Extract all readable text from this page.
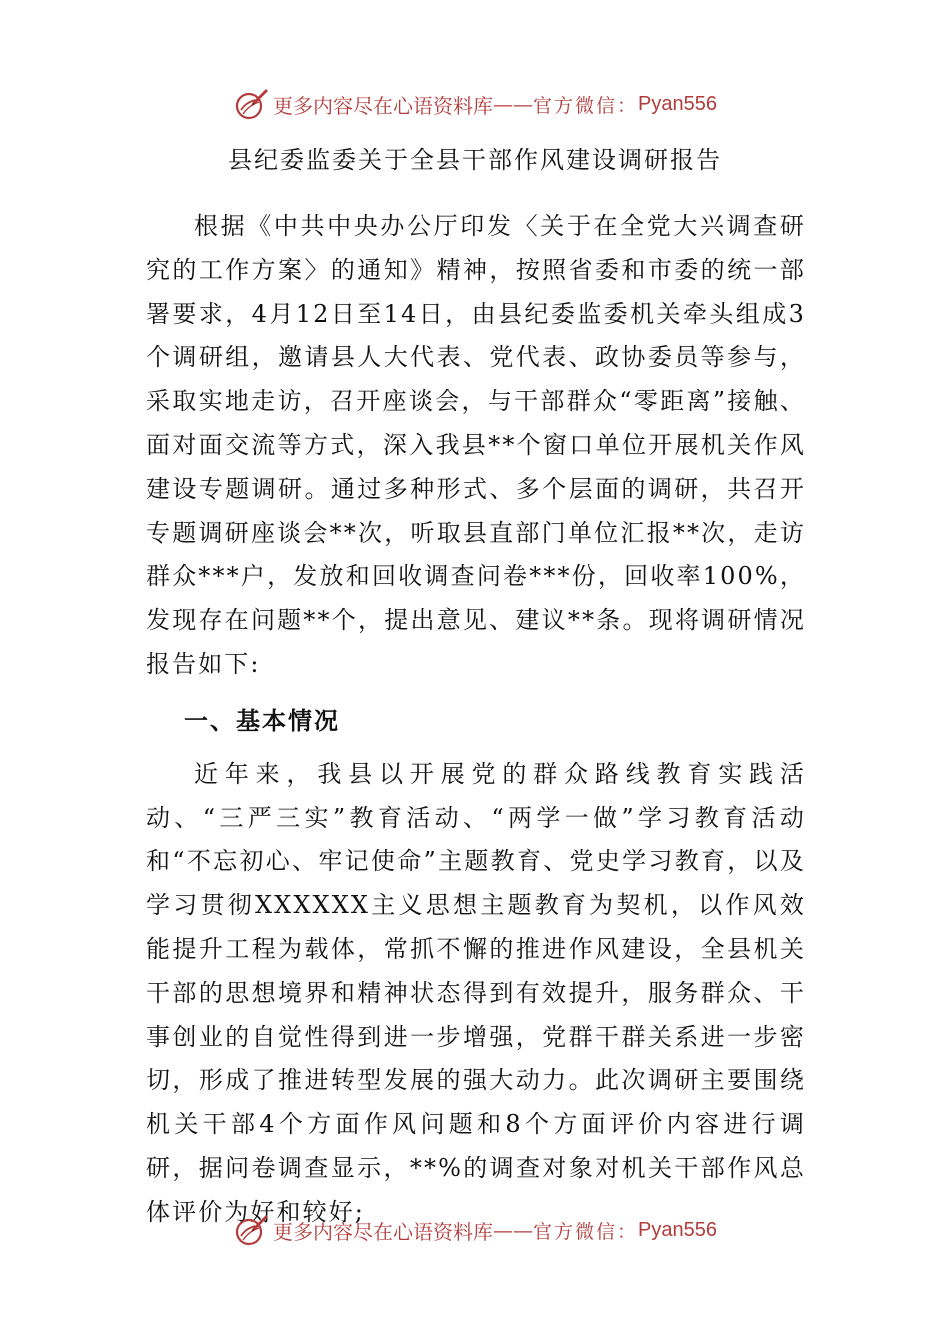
更多内容尽在心语资料库 —— 官方微信： Pyan556
县纪委监委关于全县干部作风建设调研报告

根据《中共中央办公厅印发〈关于在全党大兴调查研究的工作方案〉的通知》精神，按照省委和市委的统一部署要求，4月12日至14日，由县纪委监委机关牵头组成3个调研组，邀请县人大代表、党代表、政协委员等参与，采取实地走访，召开座谈会，与干部群众“零距离”接触、面对面交流等方式，深入我县**个窗口单位开展机关作风建设专题调研。通过多种形式、多个层面的调研，共召开专题调研座谈会**次，听取县直部门单位汇报**次，走访群众***户，发放和回收调查问卷***份，回收率100%，发现存在问题**个，提出意见、建议**条。现将调研情况报告如下:

一、基本情况

近年来，我县以开展党的群众路线教育实践活动、“三严三实”教育活动、“两学一做”学习教育活动和“不忘初心、牢记使命”主题教育、党史学习教育，以及学习贯彻XXXXXX主义思想主题教育为契机，以作风效能提升工程为载体，常抓不懈的推进作风建设，全县机关干部的思想境界和精神状态得到有效提升，服务群众、干事创业的自觉性得到进一步增强，党群干群关系进一步密切，形成了推进转型发展的强大动力。此次调研主要围绕机关干部4个方面作风问题和8个方面评价内容进行调研，据问卷调查显示，**%的调查对象对机关干部作风总体评价为好和较好;

更多内容尽在心语资料库 —— 官方微信： Pyan556
